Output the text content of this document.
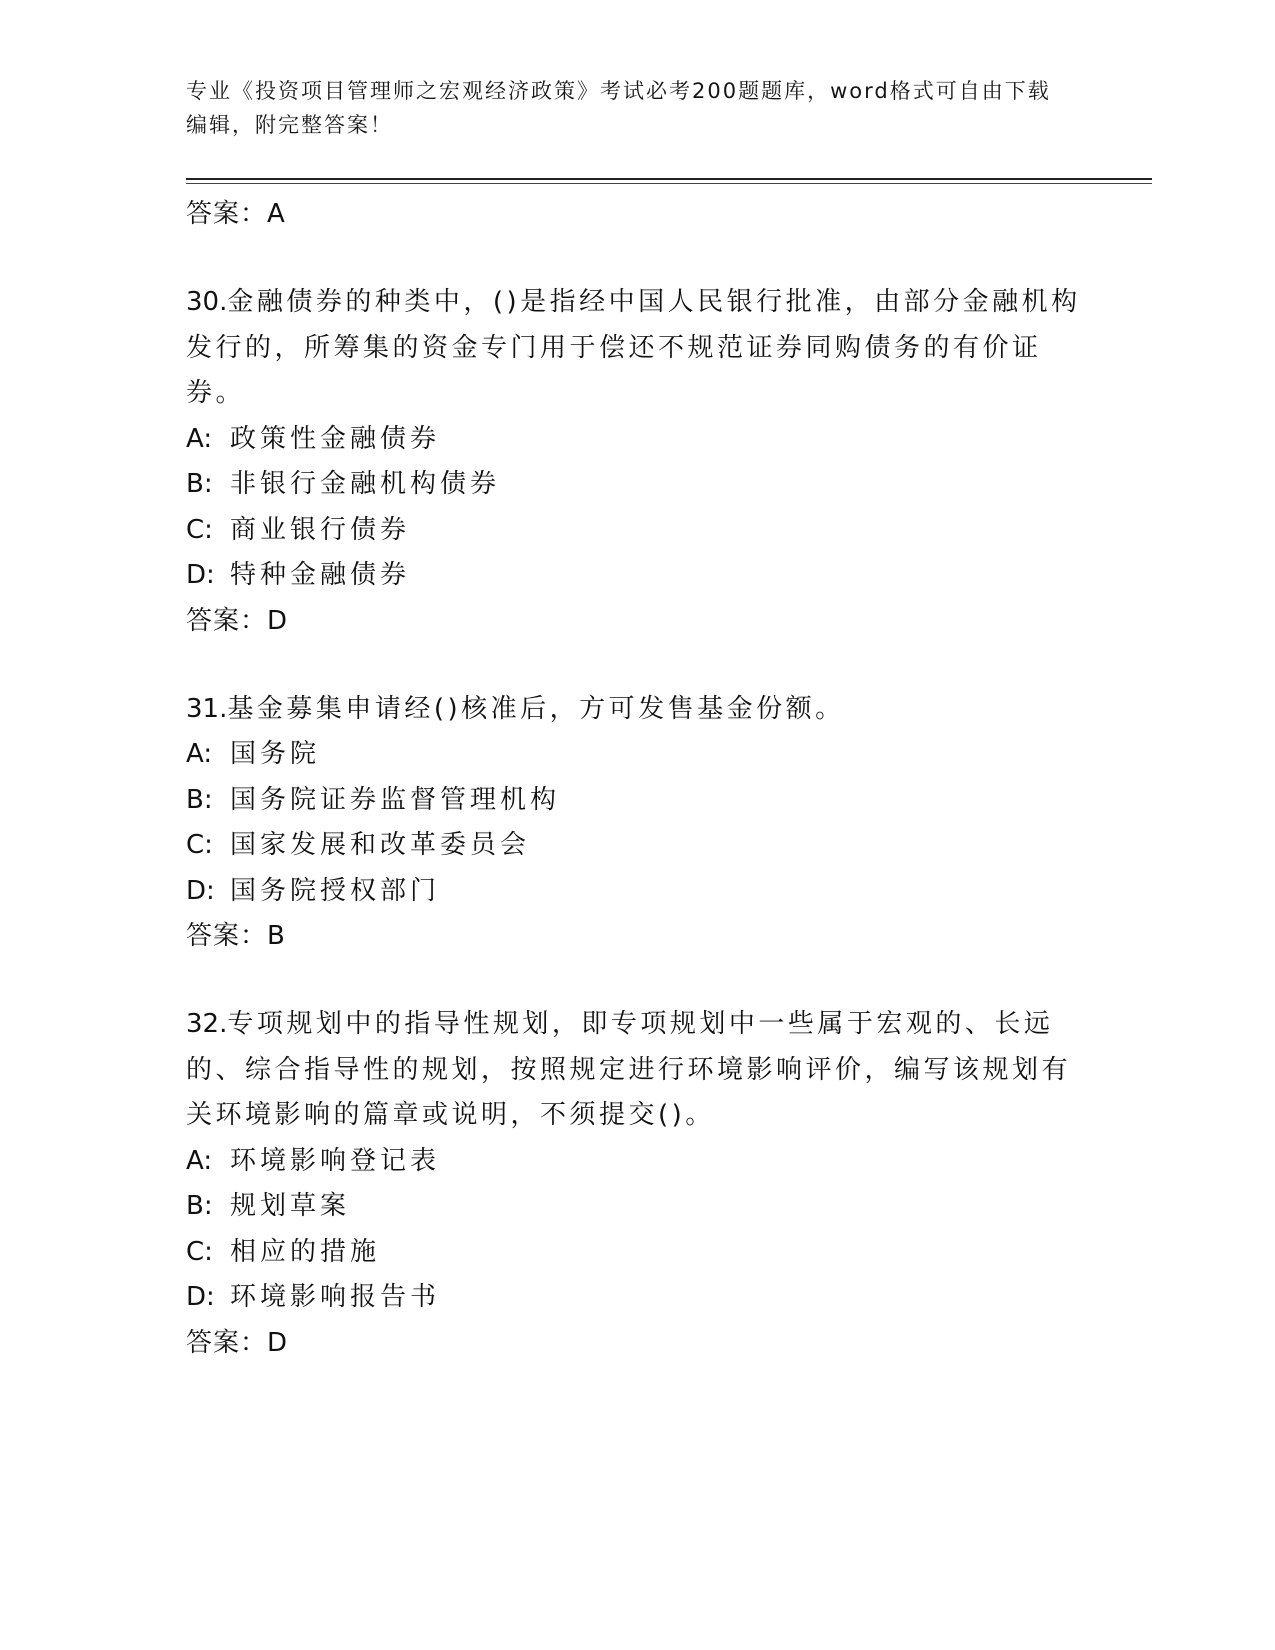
专业《投资项目管理师之宏观经济政策》考试必考200题题库，word格式可自由下载编辑，附完整答案！

答案：A

30.金融债券的种类中，()是指经中国人民银行批准，由部分金融机构发行的，所筹集的资金专门用于偿还不规范证券同购债务的有价证券。

A: 政策性金融债券

B: 非银行金融机构债券

C: 商业银行债券

D: 特种金融债券

答案：D

31.基金募集申请经()核准后，方可发售基金份额。

A: 国务院

B: 国务院证券监督管理机构

C: 国家发展和改革委员会

D: 国务院授权部门

答案：B

32.专项规划中的指导性规划，即专项规划中一些属于宏观的、长远的、综合指导性的规划，按照规定进行环境影响评价，编写该规划有关环境影响的篇章或说明，不须提交()。

A: 环境影响登记表

B: 规划草案

C: 相应的措施

D: 环境影响报告书

答案：D
